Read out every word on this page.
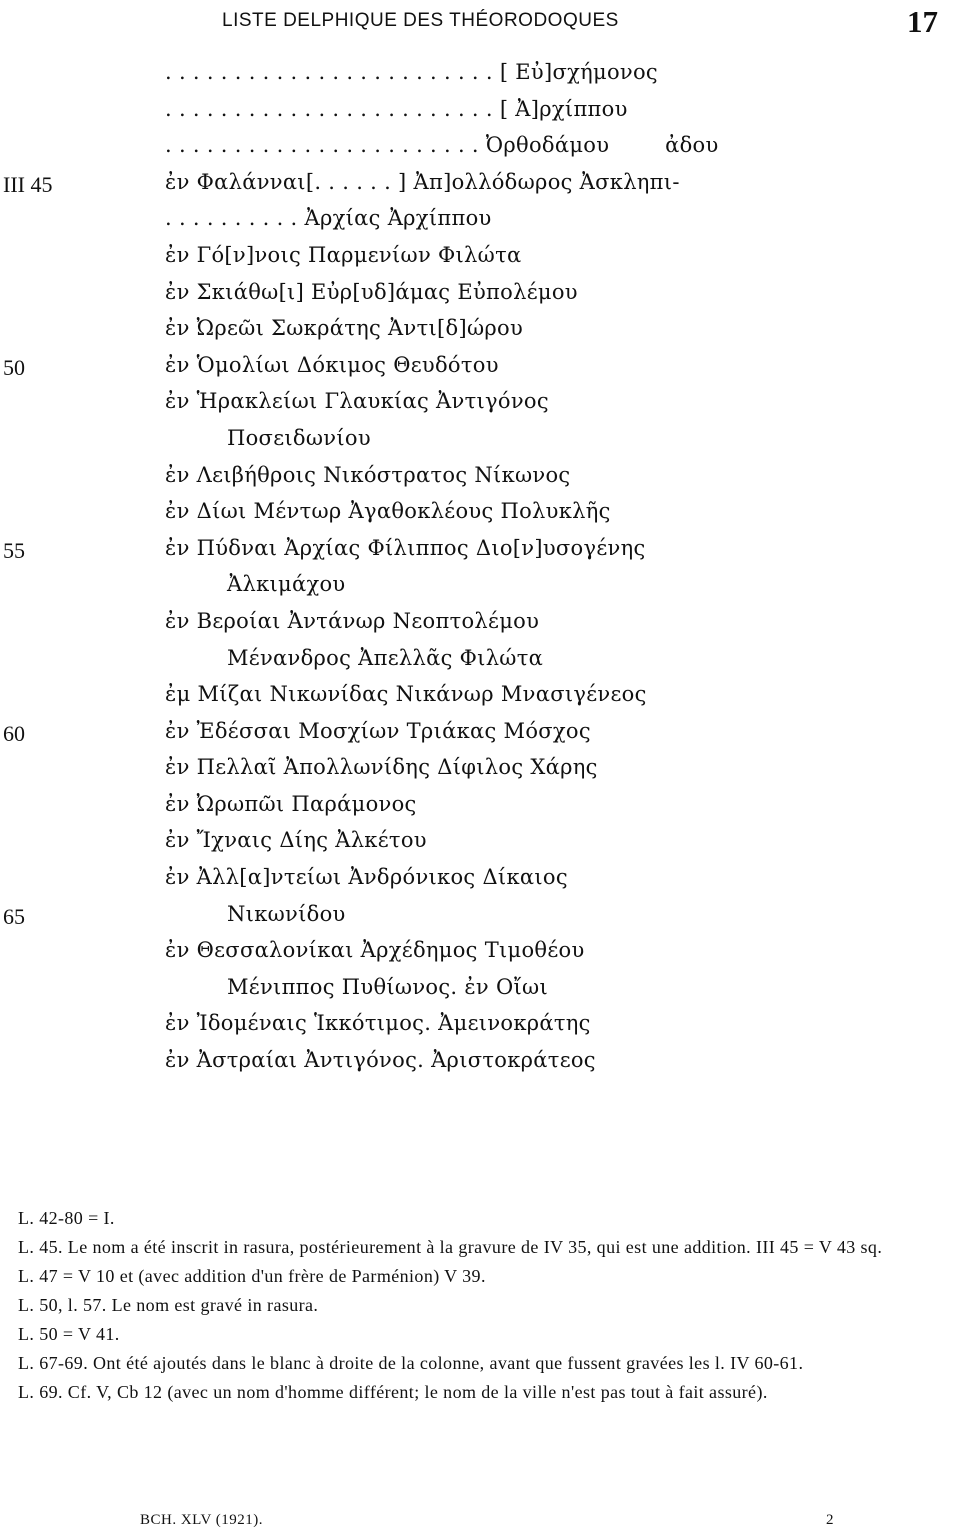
LISTE DELPHIQUE DES THÉORODOQUES	17
. . . . . . . . . . . . . . . . . . . . . . . . [ Εὐ]σχήμονος
. . . . . . . . . . . . . . . . . . . . . . . . [ Ἀ]ρχίππου
. . . . . . . . . . . . . . . . . . . . . . . Ὀρθοδάμου        ἀδου
III 45	ἐν Φαλάνναι[. . . . . . ] Ἀπ]ολλόδωρος Ἀσκληπι-
. . . . . . . . . . Ἀρχίας Ἀρχίππου
ἐν Γό[ν]νοις Παρμενίων Φιλώτα
ἐν Σκιάθω[ι] Εὐρ[υδ]άμας Εὐπολέμου
ἐν Ὠρεῶι Σωκράτης Ἀντι[δ]ώρου
50	ἐν Ὁμολίωι Δόκιμος Θευδότου
ἐν Ἡρακλείωι Γλαυκίας Ἀντιγόνος
Ποσειδωνίου
ἐν Λειβήθροις Νικόστρατος Νίκωνος
ἐν Δίωι Μέντωρ Ἀγαθοκλέους Πολυκλῆς
55	ἐν Πύδναι Ἀρχίας Φίλιππος Διο[ν]υσογένης
Ἀλκιμάχου
ἐν Βεροίαι Ἀντάνωρ Νεοπτολέμου
Μένανδρος Ἀπελλᾶς Φιλώτα
ἐμ Μίζαι Νικωνίδας Νικάνωρ Μνασιγένεος
60	ἐν Ἐδέσσαι Μοσχίων Τριάκας Μόσχος
ἐν Πελλαῖ Ἀπολλωνίδης Δίφιλος Χάρης
ἐν Ὠρωπῶι Παράμονος
ἐν Ἴχναις Δίης Ἀλκέτου
ἐν Ἀλλ[α]ντείωι Ἀνδρόνικος Δίκαιος
65	Νικωνίδου
ἐν Θεσσαλονίκαι Ἀρχέδημος Τιμοθέου
Μένιππος Πυθίωνος. ἐν Οἴωι
ἐν Ἰδομέναις Ἱκκότιμος. Ἀμεινοκράτης
ἐν Ἀστραίαι Ἀντιγόνος. Ἀριστοκράτεος
L. 42-80 = I.
L. 45. Le nom a été inscrit in rasura, postérieurement à la gravure de IV 35, qui est une addition. III 45 = V 43 sq.
L. 47 = V 10 et (avec addition d'un frère de Parménion) V 39.
L. 50, l. 57. Le nom est gravé in rasura.
L. 50 = V 41.
L. 67-69. Ont été ajoutés dans le blanc à droite de la colonne, avant que fussent gravées les l. IV 60-61.
L. 69. Cf. V, Cb 12 (avec un nom d'homme différent; le nom de la ville n'est pas tout à fait assuré).
BCH. XLV (1921).	2
